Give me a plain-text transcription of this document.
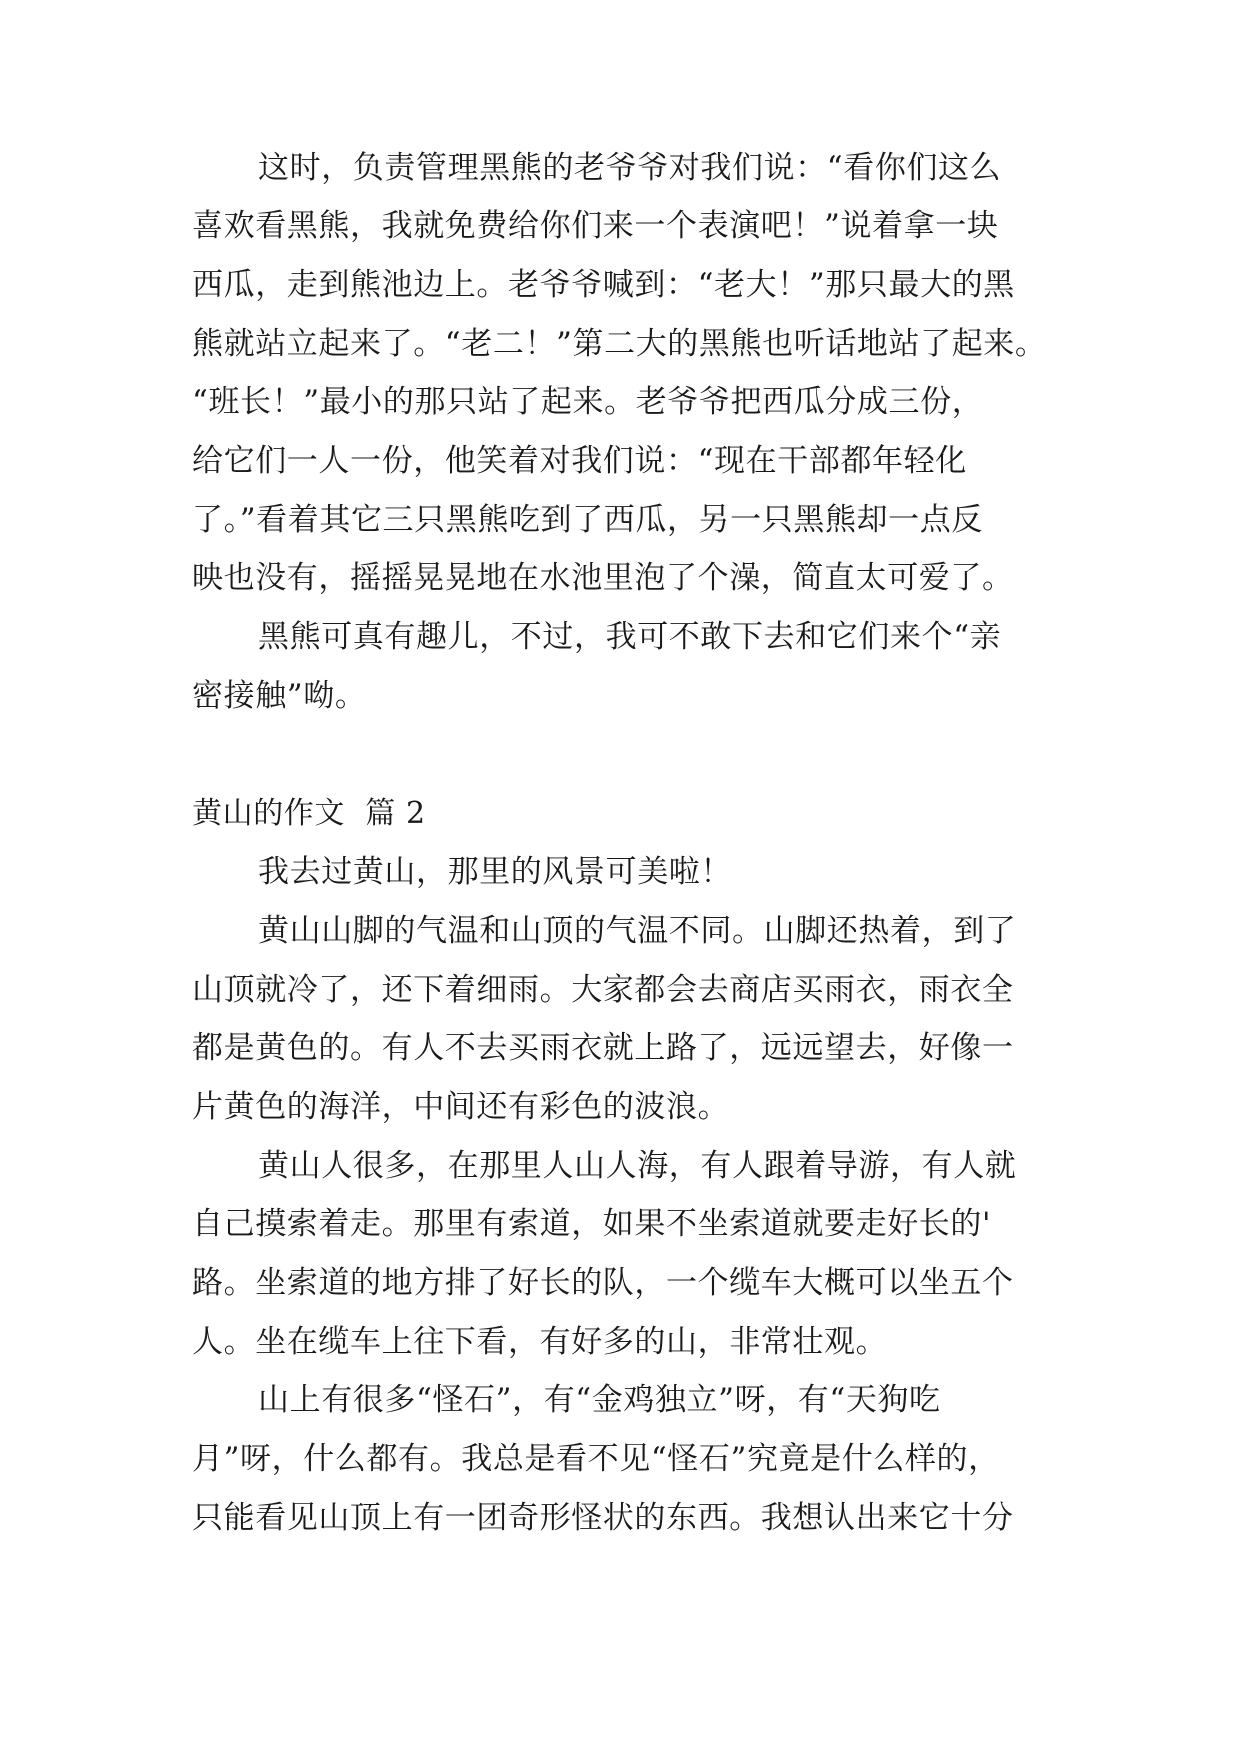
这时，负责管理黑熊的老爷爷对我们说：“看你们这么
喜欢看黑熊，我就免费给你们来一个表演吧！”说着拿一块
西瓜，走到熊池边上。老爷爷喊到：“老大！”那只最大的黑
熊就站立起来了。“老二！”第二大的黑熊也听话地站了起来。
“班长！”最小的那只站了起来。老爷爷把西瓜分成三份，
给它们一人一份，他笑着对我们说：“现在干部都年轻化
了。”看着其它三只黑熊吃到了西瓜，另一只黑熊却一点反
映也没有，摇摇晃晃地在水池里泡了个澡，简直太可爱了。
黑熊可真有趣儿，不过，我可不敢下去和它们来个“亲
密接触”呦。
黄山的作文  篇 2
我去过黄山，那里的风景可美啦！
黄山山脚的气温和山顶的气温不同。山脚还热着，到了
山顶就冷了，还下着细雨。大家都会去商店买雨衣，雨衣全
都是黄色的。有人不去买雨衣就上路了，远远望去，好像一
片黄色的海洋，中间还有彩色的波浪。
黄山人很多，在那里人山人海，有人跟着导游，有人就
自己摸索着走。那里有索道，如果不坐索道就要走好长的'
路。坐索道的地方排了好长的队，一个缆车大概可以坐五个
人。坐在缆车上往下看，有好多的山，非常壮观。
山上有很多“怪石”，有“金鸡独立”呀，有“天狗吃
月”呀，什么都有。我总是看不见“怪石”究竟是什么样的，
只能看见山顶上有一团奇形怪状的东西。我想认出来它十分
